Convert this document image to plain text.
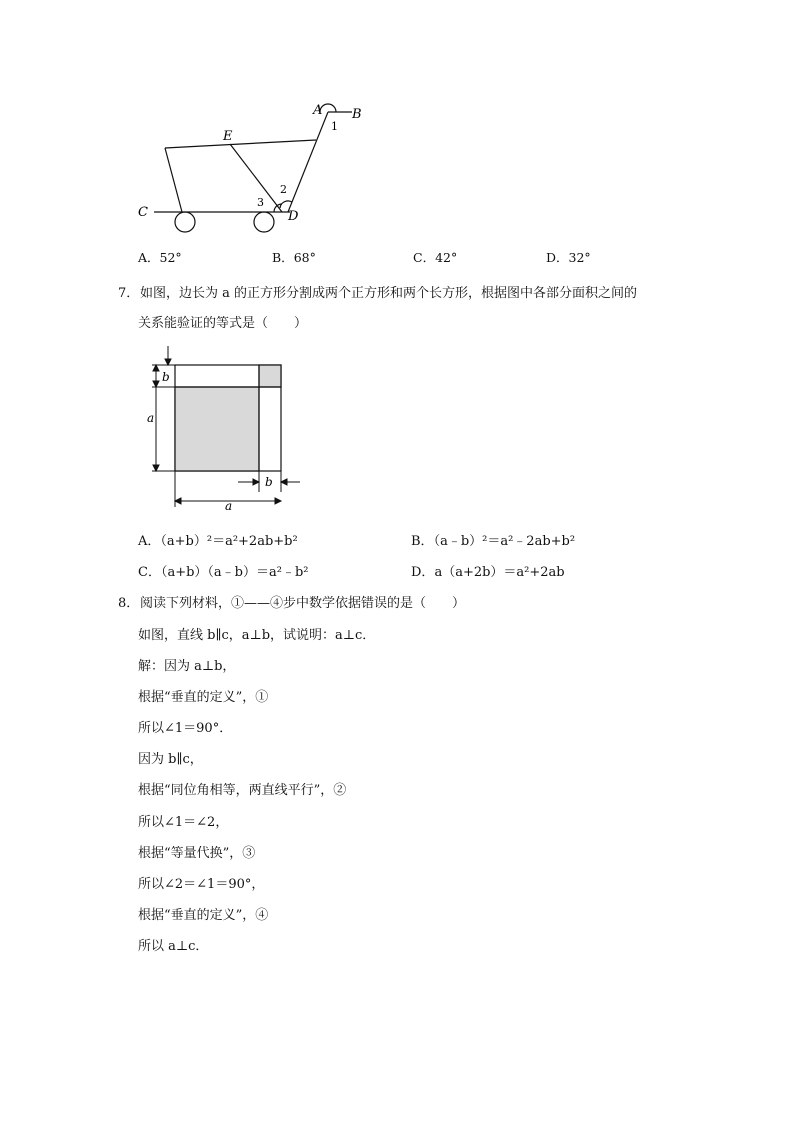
A B
1
E
2
3
C	D
A．52°	B．68°	C．42°	D．32°
7． 如图，边长为 a 的正方形分割成两个正方形和两个长方形，根据图中各部分面积之间的
关系能验证的等式是（　　）
b
a
b
a
A．（a+b）²＝a²+2ab+b²	B．（a﹣b）²＝a²﹣2ab+b²
C．（a+b）（a﹣b）＝a²﹣b²	D．a（a+2b）＝a²+2ab
8． 阅读下列材料，①——④步中数学依据错误的是（　　）
如图，直线 b∥c，a⊥b，试说明：a⊥c．
解：因为 a⊥b，
根据“垂直的定义”，①
所以∠1＝90°．
因为 b∥c，
根据“同位角相等，两直线平行”，②
所以∠1＝∠2，
根据“等量代换”，③
所以∠2＝∠1＝90°，
根据“垂直的定义”，④
所以 a⊥c．
